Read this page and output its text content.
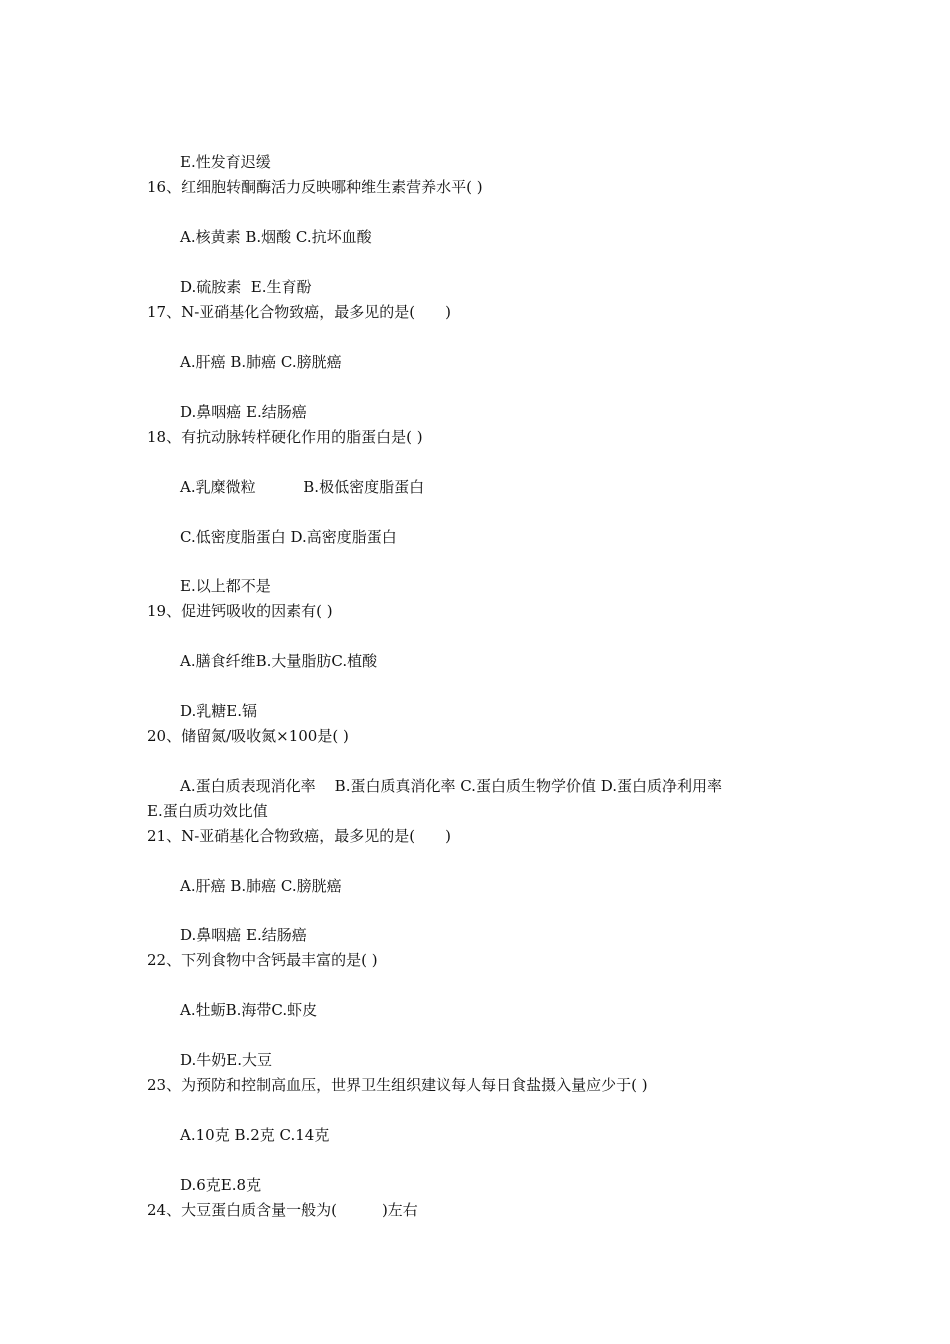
E.性发育迟缓
16、红细胞转酮酶活力反映哪种维生素营养水平( )
A.核黄素 B.烟酸 C.抗坏血酸
D.硫胺素  E.生育酚
17、N-亚硝基化合物致癌，最多见的是(　　)
A.肝癌 B.肺癌 C.膀胱癌
D.鼻咽癌 E.结肠癌
18、有抗动脉转样硬化作用的脂蛋白是( )
A.乳糜微粒          B.极低密度脂蛋白
C.低密度脂蛋白 D.高密度脂蛋白
E.以上都不是
19、促进钙吸收的因素有( )
A.膳食纤维B.大量脂肪C.植酸
D.乳糖E.镉
20、储留氮/吸收氮×100是( )
A.蛋白质表现消化率    B.蛋白质真消化率 C.蛋白质生物学价值 D.蛋白质净利用率
E.蛋白质功效比值
21、N-亚硝基化合物致癌，最多见的是(　　)
A.肝癌 B.肺癌 C.膀胱癌
D.鼻咽癌 E.结肠癌
22、下列食物中含钙最丰富的是( )
A.牡蛎B.海带C.虾皮
D.牛奶E.大豆
23、为预防和控制高血压，世界卫生组织建议每人每日食盐摄入量应少于( )
A.10克 B.2克 C.14克
D.6克E.8克
24、大豆蛋白质含量一般为(　　　)左右
